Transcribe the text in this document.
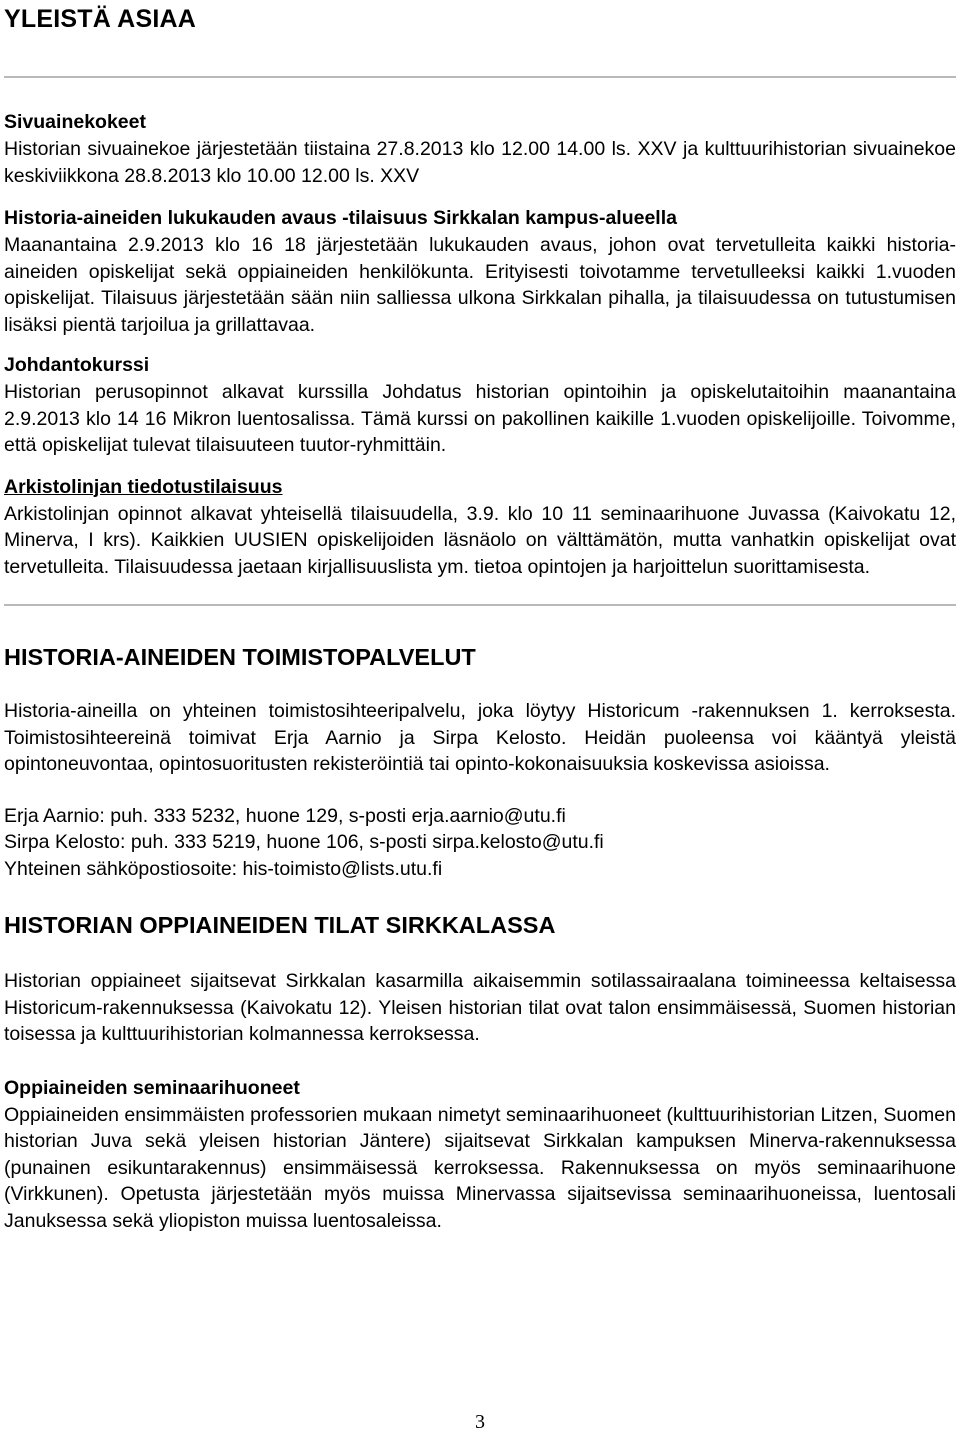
YLEISTÄ ASIAA

Sivuainekokeet

Historian sivuainekoe järjestetään tiistaina 27.8.2013 klo 12.00 14.00 ls. XXV ja kulttuurihistorian sivuainekoe keskiviikkona 28.8.2013 klo 10.00 12.00 ls. XXV

Historia-aineiden lukukauden avaus -tilaisuus Sirkkalan kampus-alueella

Maanantaina 2.9.2013 klo 16 18 järjestetään lukukauden avaus, johon ovat tervetulleita kaikki historia-aineiden opiskelijat sekä oppiaineiden henkilökunta. Erityisesti toivotamme tervetulleeksi kaikki 1.vuoden opiskelijat. Tilaisuus järjestetään sään niin salliessa ulkona Sirkkalan pihalla, ja tilaisuudessa on tutustumisen lisäksi pientä tarjoilua ja grillattavaa.

Johdantokurssi

Historian perusopinnot alkavat kurssilla Johdatus historian opintoihin ja opiskelutaitoihin maanantaina 2.9.2013 klo 14 16 Mikron luentosalissa. Tämä kurssi on pakollinen kaikille 1.vuoden opiskelijoille. Toivomme, että opiskelijat tulevat tilaisuuteen tuutor-ryhmittäin.

Arkistolinjan tiedotustilaisuus

Arkistolinjan opinnot alkavat yhteisellä tilaisuudella, 3.9. klo 10 11 seminaarihuone Juvassa (Kaivokatu 12, Minerva, I krs). Kaikkien UUSIEN opiskelijoiden läsnäolo on välttämätön, mutta vanhatkin opiskelijat ovat tervetulleita. Tilaisuudessa jaetaan kirjallisuuslista ym. tietoa opintojen ja harjoittelun suorittamisesta.

HISTORIA-AINEIDEN TOIMISTOPALVELUT

Historia-aineilla on yhteinen toimistosihteeripalvelu, joka löytyy Historicum -rakennuksen 1. kerroksesta. Toimistosihteereinä toimivat Erja Aarnio ja Sirpa Kelosto. Heidän puoleensa voi kääntyä yleistä opintoneuvontaa, opintosuoritusten rekisteröintiä tai opinto-kokonaisuuksia koskevissa asioissa.

Erja Aarnio: puh. 333 5232, huone 129, s-posti erja.aarnio@utu.fi

Sirpa Kelosto: puh. 333 5219, huone 106, s-posti sirpa.kelosto@utu.fi

Yhteinen sähköpostiosoite: his-toimisto@lists.utu.fi

HISTORIAN OPPIAINEIDEN TILAT SIRKKALASSA

Historian oppiaineet sijaitsevat Sirkkalan kasarmilla aikaisemmin sotilassairaalana toimineessa keltaisessa Historicum-rakennuksessa (Kaivokatu 12). Yleisen historian tilat ovat talon ensimmäisessä, Suomen historian toisessa ja kulttuurihistorian kolmannessa kerroksessa.

Oppiaineiden seminaarihuoneet

Oppiaineiden ensimmäisten professorien mukaan nimetyt seminaarihuoneet (kulttuurihistorian Litzen, Suomen historian Juva sekä yleisen historian Jäntere) sijaitsevat Sirkkalan kampuksen Minerva-rakennuksessa (punainen esikuntarakennus) ensimmäisessä kerroksessa. Rakennuksessa on myös seminaarihuone (Virkkunen). Opetusta järjestetään myös muissa Minervassa sijaitsevissa seminaarihuoneissa, luentosali Januksessa sekä yliopiston muissa luentosaleissa.

3
